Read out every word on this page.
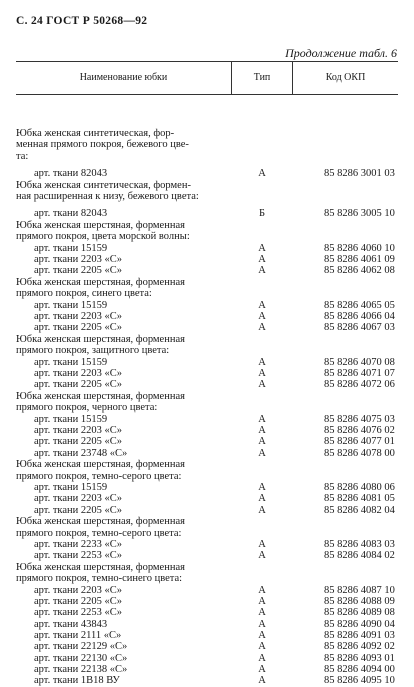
С. 24 ГОСТ Р 50268—92
Продолжение табл. 6
Наименование юбки	Тип	Код ОКП
Юбка женская синтетическая, фор-
менная прямого покроя, бежевого цве-
та:
арт. ткани 82043	А	85 8286 3001 03
Юбка женская синтетическая, формен-
ная расширенная к низу, бежевого цвета:
арт. ткани 82043	Б	85 8286 3005 10
Юбка женская шерстяная, форменная
прямого покроя, цвета морской волны:
арт. ткани 15159	А	85 8286 4060 10
арт. ткани 2203 «С»	А	85 8286 4061 09
арт. ткани 2205 «С»	А	85 8286 4062 08
Юбка женская шерстяная, форменная
прямого покроя, синего цвета:
арт. ткани 15159	А	85 8286 4065 05
арт. ткани 2203 «С»	А	85 8286 4066 04
арт. ткани 2205 «С»	А	85 8286 4067 03
Юбка женская шерстяная, форменная
прямого покроя, защитного цвета:
арт. ткани 15159	А	85 8286 4070 08
арт. ткани 2203 «С»	А	85 8286 4071 07
арт. ткани 2205 «С»	А	85 8286 4072 06
Юбка женская шерстяная, форменная
прямого покроя, черного цвета:
арт. ткани 15159	А	85 8286 4075 03
арт. ткани 2203 «С»	А	85 8286 4076 02
арт. ткани 2205 «С»	А	85 8286 4077 01
арт. ткани 23748 «С»	А	85 8286 4078 00
Юбка женская шерстяная, форменная
прямого покроя, темно-серого цвета:
арт. ткани 15159	А	85 8286 4080 06
арт. ткани 2203 «С»	А	85 8286 4081 05
арт. ткани 2205 «С»	А	85 8286 4082 04
Юбка женская шерстяная, форменная
прямого покроя, темно-серого цвета:
арт. ткани 2233 «С»	А	85 8286 4083 03
арт. ткани 2253 «С»	А	85 8286 4084 02
Юбка женская шерстяная, форменная
прямого покроя, темно-синего цвета:
арт. ткани 2203 «С»	А	85 8286 4087 10
арт. ткани 2205 «С»	А	85 8286 4088 09
арт. ткани 2253 «С»	А	85 8286 4089 08
арт. ткани 43843	А	85 8286 4090 04
арт. ткани 2111 «С»	А	85 8286 4091 03
арт. ткани 22129 «С»	А	85 8286 4092 02
арт. ткани 22130 «С»	А	85 8286 4093 01
арт. ткани 22138 «С»	А	85 8286 4094 00
арт. ткани 1В18 ВУ	А	85 8286 4095 10
